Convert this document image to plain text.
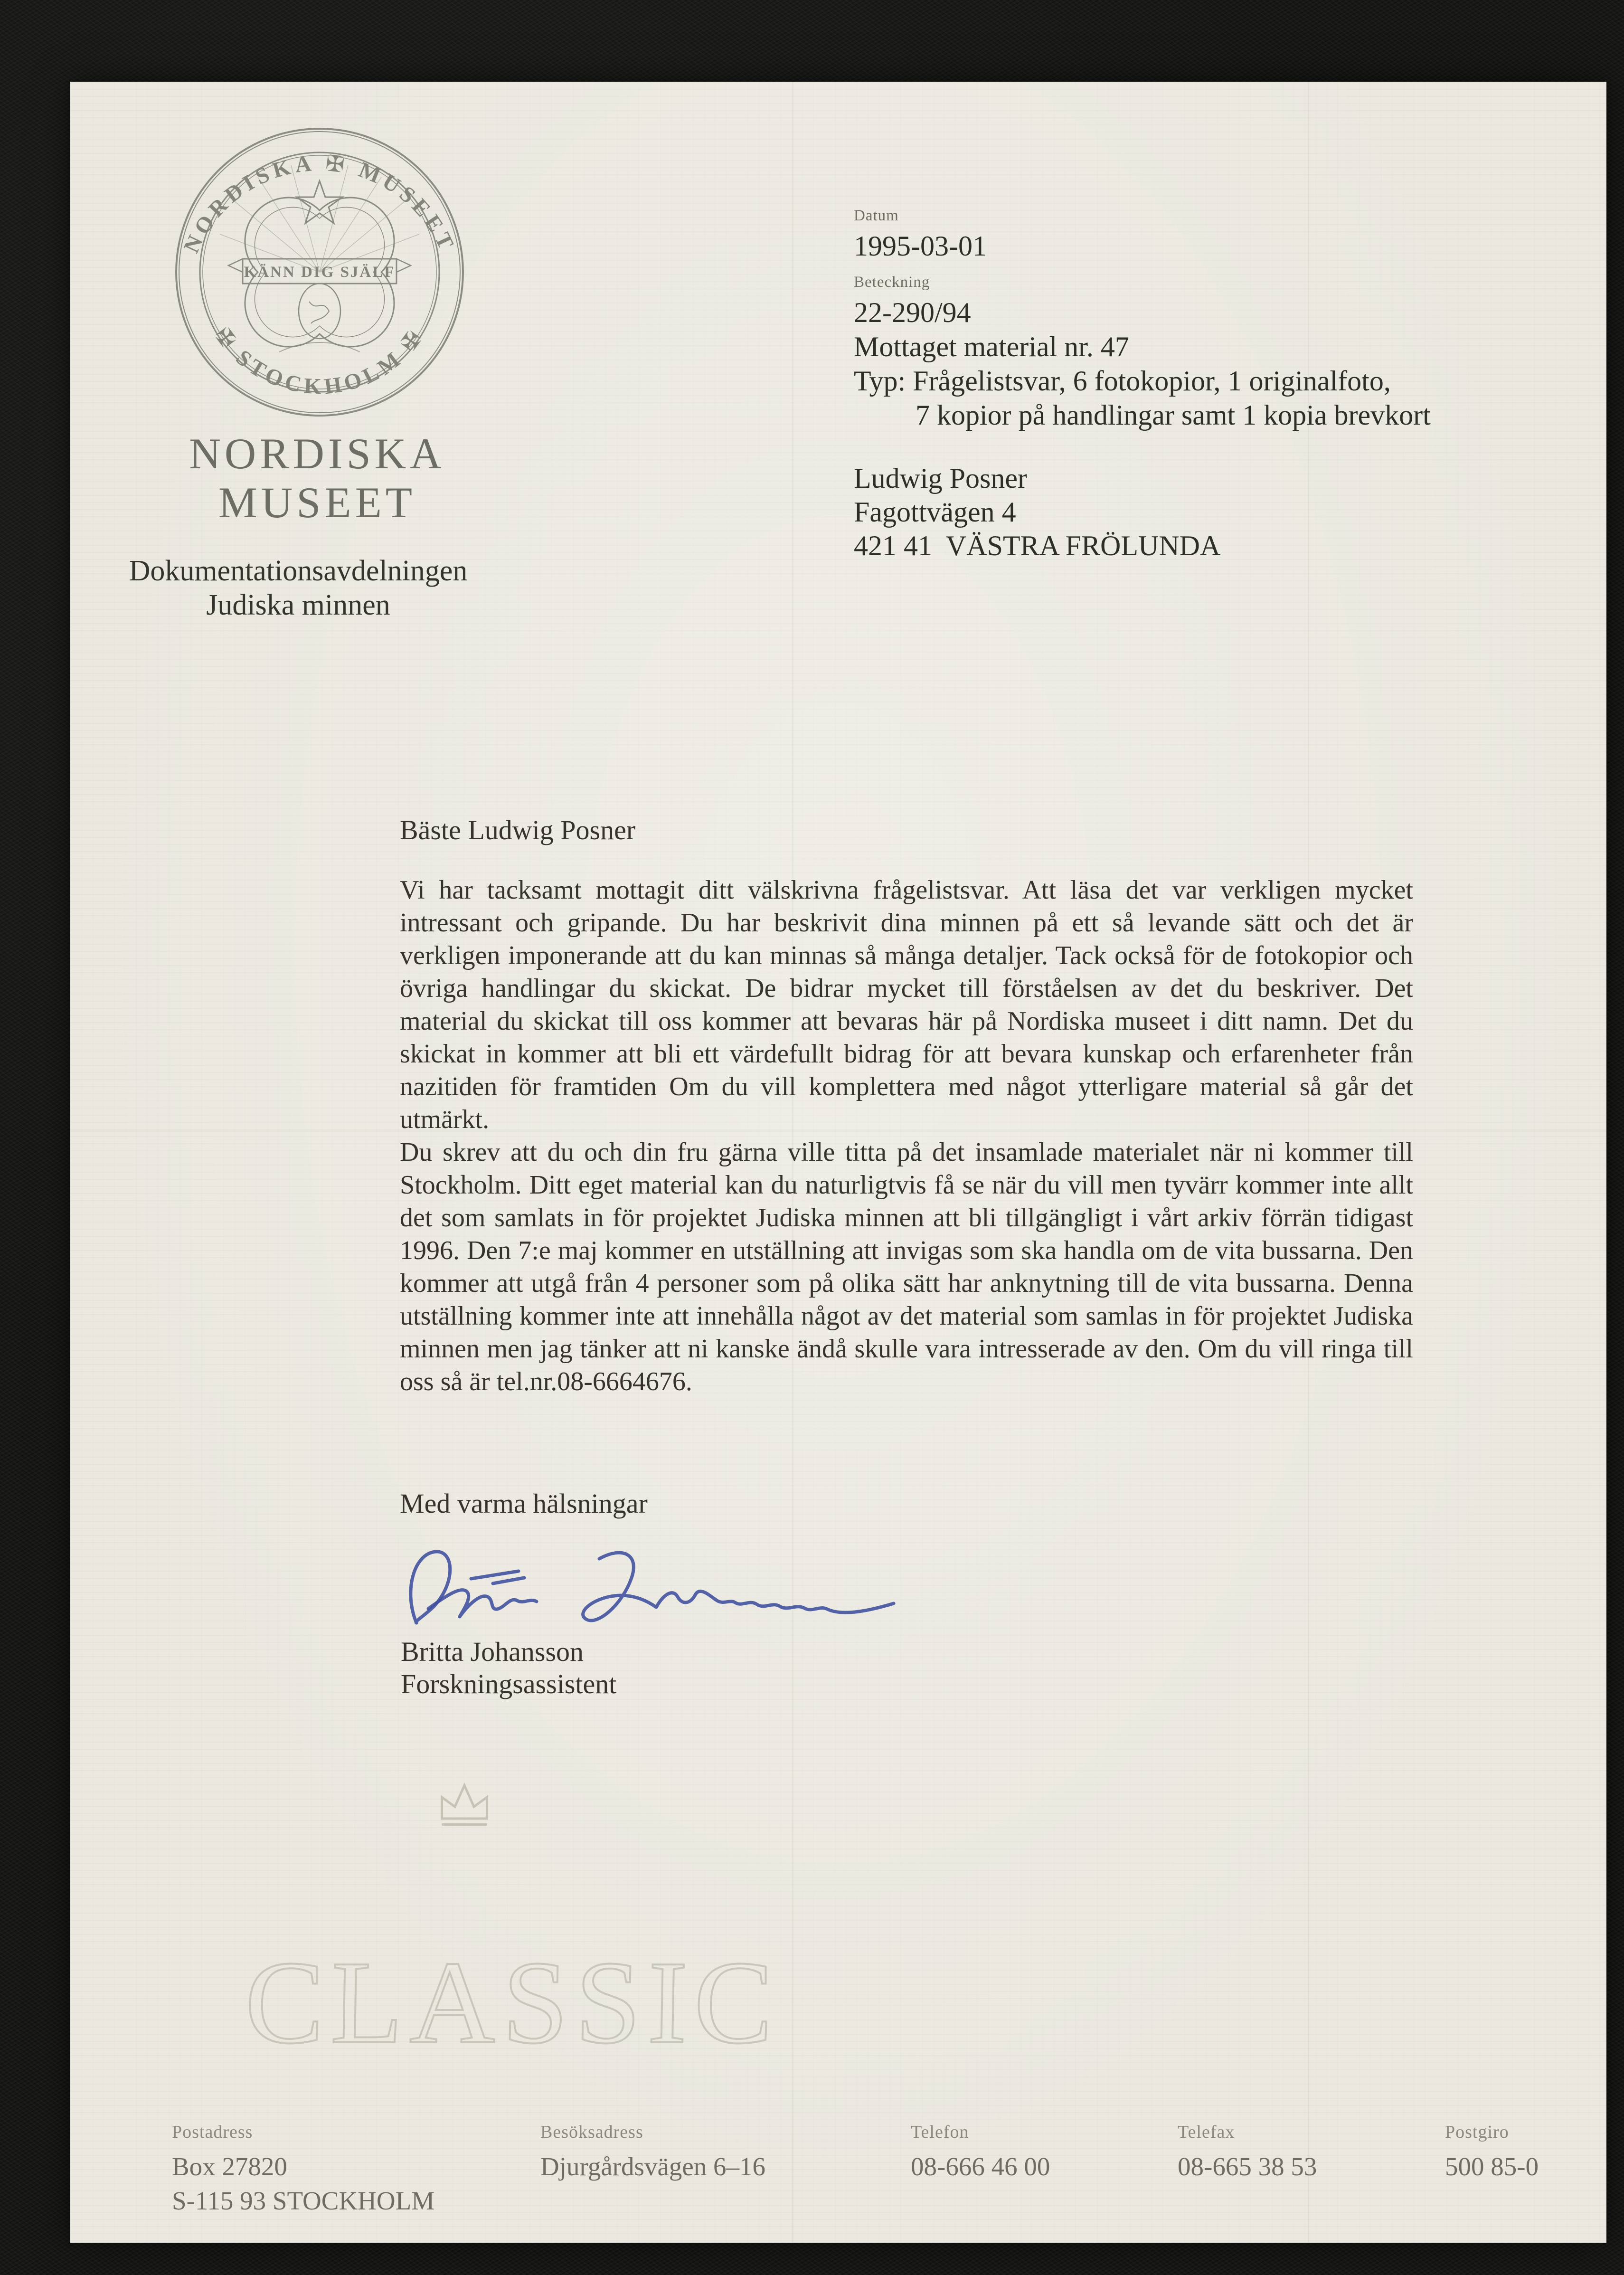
NORDISKA ✠ MUSEET
✠ STOCKHOLM ✠
KÄNN DIG SJÄLF
NORDISKA
MUSEET
Dokumentationsavdelningen
Judiska minnen
Datum
1995-03-01
Beteckning
22-290/94
Mottaget material nr. 47
Typ: Frågelistsvar, 6 fotokopior, 1 originalfoto,
7 kopior på handlingar samt 1 kopia brevkort
Ludwig Posner
Fagottvägen 4
421 41  VÄSTRA FRÖLUNDA
Bäste Ludwig Posner

Vi har tacksamt mottagit ditt välskrivna frågelistsvar. Att läsa det var verkligen mycket intressant och gripande. Du har beskrivit dina minnen på ett så levande sätt och det är verkligen imponerande att du kan minnas så många detaljer. Tack också för de fotokopior och övriga handlingar du skickat. De bidrar mycket till förståelsen av det du beskriver. Det material du skickat till oss kommer att bevaras här på Nordiska museet i ditt namn. Det du skickat in kommer att bli ett värdefullt bidrag för att bevara kunskap och erfarenheter från nazitiden för framtiden Om du vill komplettera med något ytterligare material så går det utmärkt.

Du skrev att du och din fru gärna ville titta på det insamlade materialet när ni kommer till Stockholm. Ditt eget material kan du naturligtvis få se när du vill men tyvärr kommer inte allt det som samlats in för projektet Judiska minnen att bli tillgängligt i vårt arkiv förrän tidigast 1996. Den 7:e maj kommer en utställning att invigas som ska handla om de vita bussarna. Den kommer att utgå från 4 personer som på olika sätt har anknytning till de vita bussarna. Denna utställning kommer inte att innehålla något av det material som samlas in för projektet Judiska minnen men jag tänker att ni kanske ändå skulle vara intresserade av den. Om du vill ringa till oss så är tel.nr.08-6664676.

Med varma hälsningar
Britta Johansson
Forskningsassistent
CLASSIC
Postadress
Box 27820
S-115 93 STOCKHOLM
Besöksadress
Djurgårdsvägen 6–16
Telefon
08-666 46 00
Telefax
08-665 38 53
Postgiro
500 85-0
